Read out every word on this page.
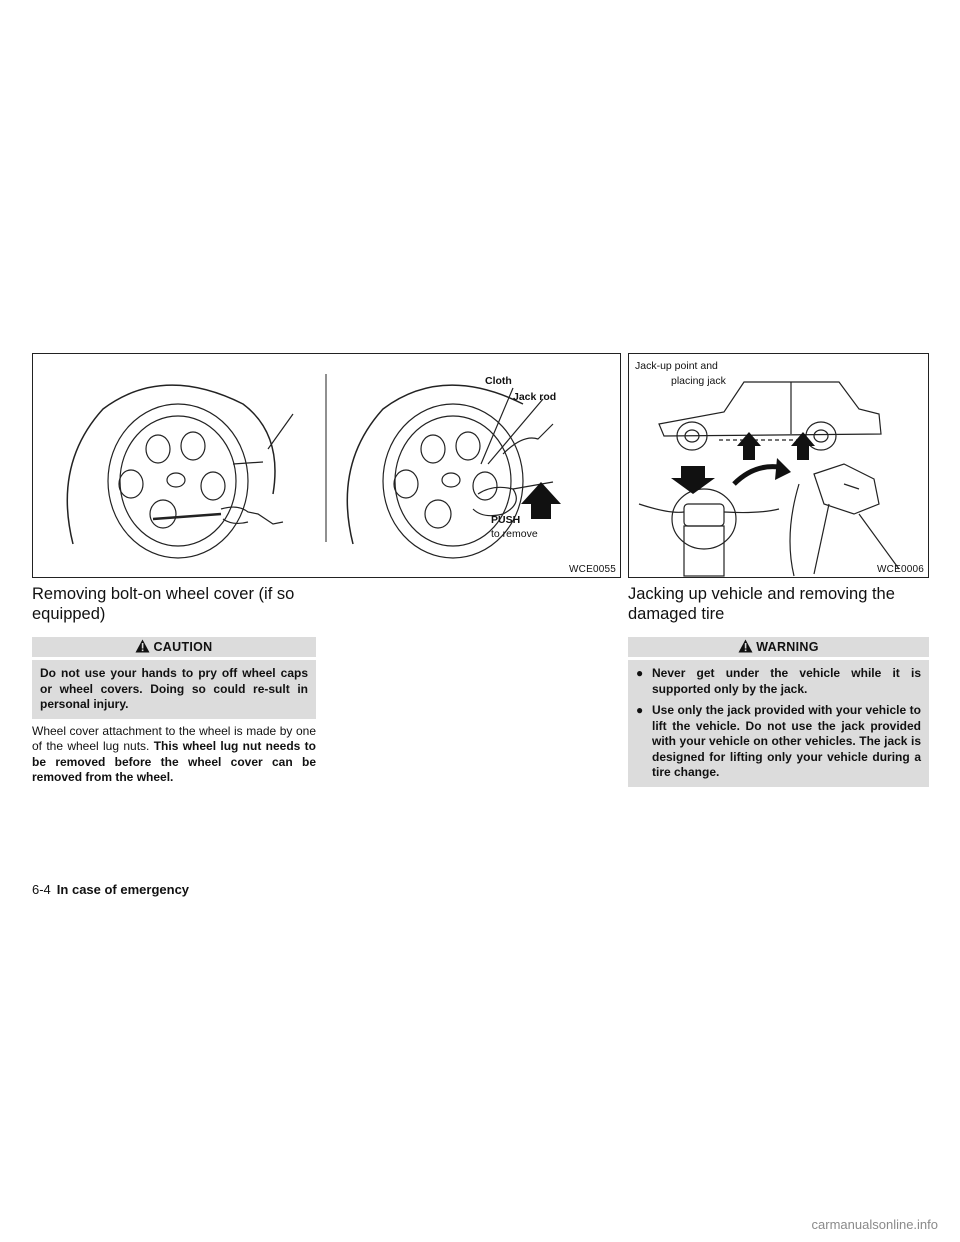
Cloth
Jack rod
PUSH
to remove
WCE0055
Jack-up point and
placing jack
WCE0006
Removing bolt-on wheel cover (if so equipped)
CAUTION

Do not use your hands to pry off wheel caps or wheel covers. Doing so could re-sult in personal injury.

Wheel cover attachment to the wheel is made by one of the wheel lug nuts. This wheel lug nut needs to be removed before the wheel cover can be removed from the wheel.

Jacking up vehicle and removing the damaged tire
WARNING
● Never get under the vehicle while it is supported only by the jack.
● Use only the jack provided with your vehicle to lift the vehicle. Do not use the jack provided with your vehicle on other vehicles. The jack is designed for lifting only your vehicle during a tire change.
6-4 In case of emergency
carmanualsonline.info
